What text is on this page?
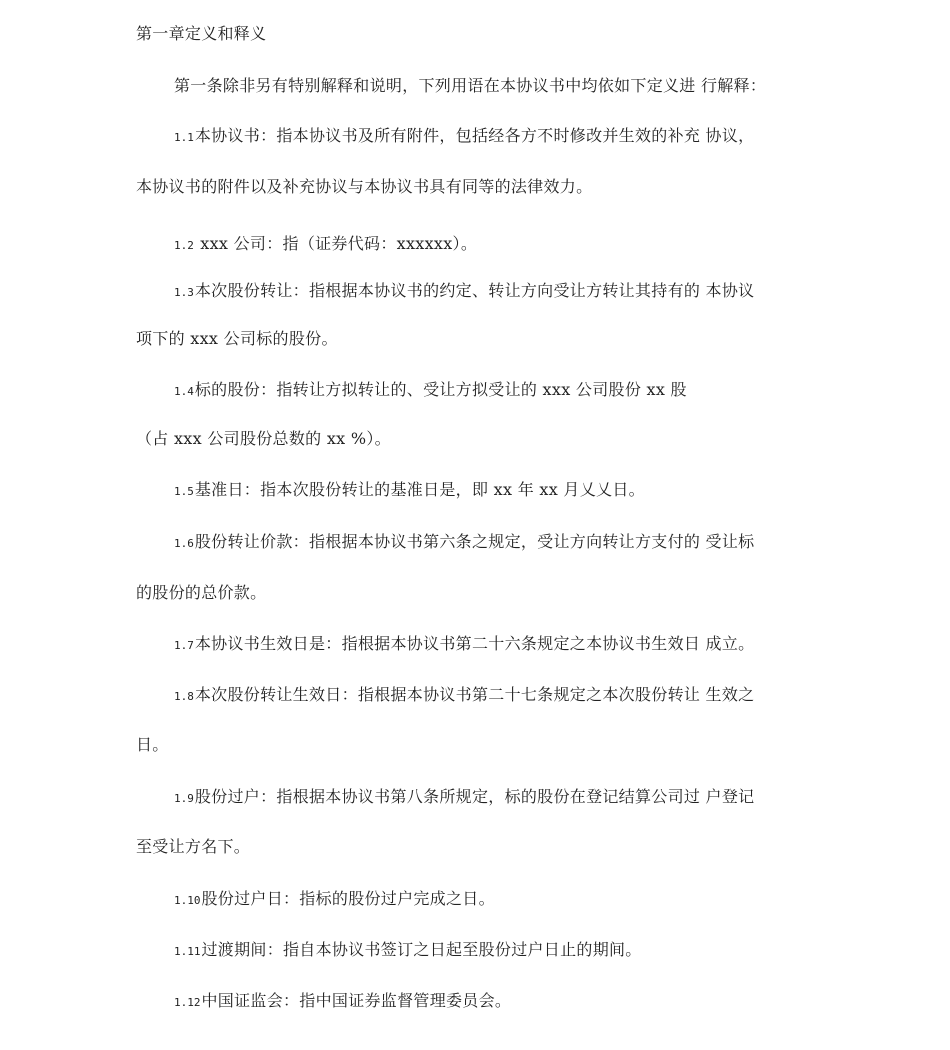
第一章定义和释义
第一条除非另有特别解释和说明，下列用语在本协议书中均依如下定义进 行解释：
1.1本协议书：指本协议书及所有附件，包括经各方不时修改并生效的补充 协议，
本协议书的附件以及补充协议与本协议书具有同等的法律效力。
1.2 xxx 公司：指（证券代码：xxxxxx）。
1.3本次股份转让：指根据本协议书的约定、转让方向受让方转让其持有的 本协议
项下的 xxx 公司标的股份。
1.4标的股份：指转让方拟转让的、受让方拟受让的 xxx 公司股份 xx 股
（占 xxx 公司股份总数的 xx %）。
1.5基准日：指本次股份转让的基准日是，即 xx 年 xx 月乂乂日。
1.6股份转让价款：指根据本协议书第六条之规定，受让方向转让方支付的 受让标
的股份的总价款。
1.7本协议书生效日是：指根据本协议书第二十六条规定之本协议书生效日 成立。
1.8本次股份转让生效日：指根据本协议书第二十七条规定之本次股份转让 生效之
日。
1.9股份过户：指根据本协议书第八条所规定，标的股份在登记结算公司过 户登记
至受让方名下。
1.10股份过户日：指标的股份过户完成之日。
1.11过渡期间：指自本协议书签订之日起至股份过户日止的期间。
1.12中国证监会：指中国证券监督管理委员会。
